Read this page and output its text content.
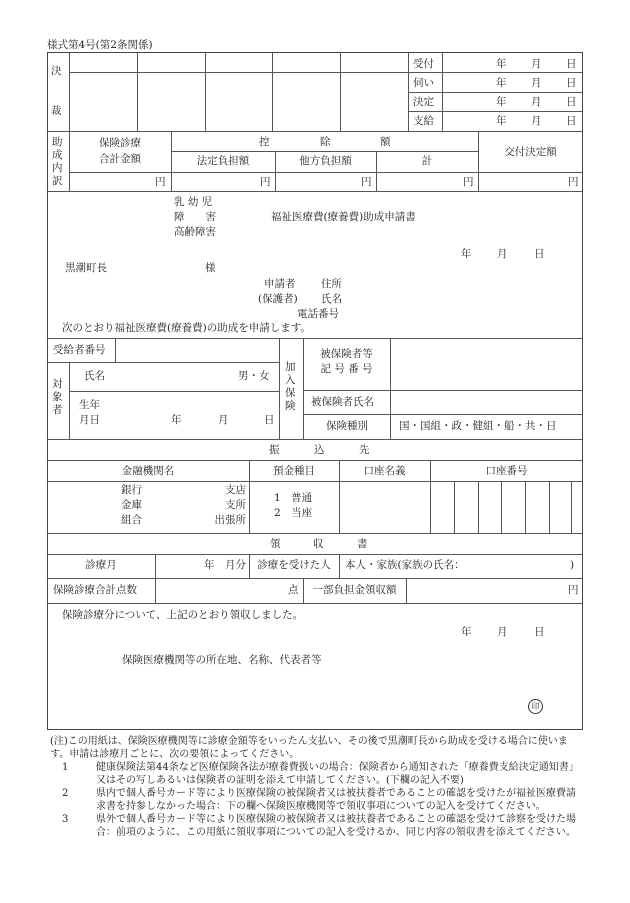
様式第4号(第2条関係)
決
裁
受付	年 月 日
伺い	年 月 日
決定	年 月 日
支給	年 月 日
助
成
内
訳
保険診療
合計金額
控	除	額
法定負担額	他方負担額	計
交付決定額
円	円	円	円	円
乳 幼 児
障　　害
高齢障害
福祉医療費(療養費)助成申請書
年 月	日
黒潮町長	様
申請者 住所
(保護者) 氏名
電話番号
次のとおり福祉医療費(療養費)の助成を申請します。
受給者番号
対
象
者
氏名	男・女
生年
月日	年	月	日
加
入
保
険
被保険者等
記 号 番 号
被保険者氏名
保険種別	国・国組・政・健組・船・共・日
振	込	先
金融機関名	預金種目	口座名義	口座番号
銀行
金庫
組合
支店
支所
出張所
1　普通
2　当座
領	収	書
診療月	年　月分	診療を受けた人	本人・家族(家族の氏名：	)
保険診療合計点数	点	一部負担金領収額	円
保険診療分について、上記のとおり領収しました。
年 月	日
保険医療機関等の所在地、名称、代表者等
印
(注)この用紙は、保険医療機関等に診療金額等をいったん支払い、その後で黒潮町長から助成を受ける場合に使います。申請は診療月ごとに、次の要領によってください。
1	健康保険法第44条など医療保険各法が療養費扱いの場合：保険者から通知された「療養費支給決定通知書」又はその写しあるいは保険者の証明を添えて申請してください。(下欄の記入不要)
2	県内で個人番号カード等により医療保険の被保険者又は被扶養者であることの確認を受けたが福祉医療費請求書を持参しなかった場合：下の欄へ保険医療機関等で領収事項についての記入を受けてください。
3	県外で個人番号カード等により医療保険の被保険者又は被扶養者であることの確認を受けて診察を受けた場合：前項のように、この用紙に領収事項についての記入を受けるか、同じ内容の領収書を添えてください。
